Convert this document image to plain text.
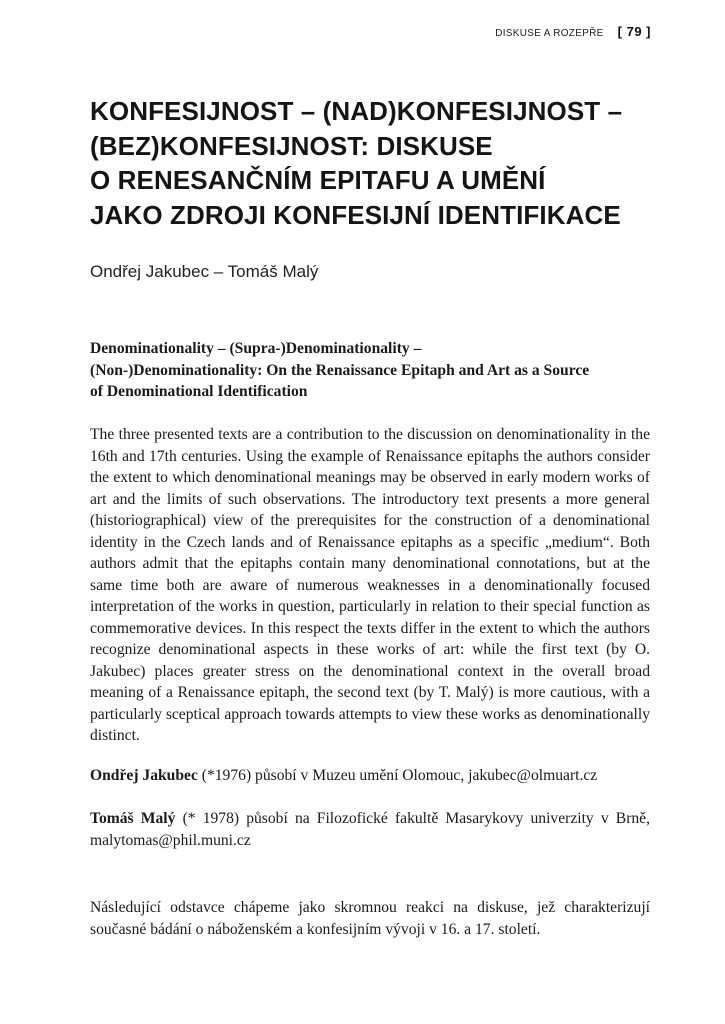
DISKUSE A ROZEPŘE [ 79 ]
KONFESIJNOST – (NAD)KONFESIJNOST –
(BEZ)KONFESIJNOST: DISKUSE
O RENESANČNÍM EPITAFU A UMĚNÍ
JAKO ZDROJI KONFESIJNÍ IDENTIFIKACE
Ondřej Jakubec – Tomáš Malý
Denominationality – (Supra-)Denominationality –
(Non-)Denominationality: On the Renaissance Epitaph and Art as a Source
of Denominational Identification

The three presented texts are a contribution to the discussion on denominationality in the 16th and 17th centuries. Using the example of Renaissance epitaphs the authors consider the extent to which denominational meanings may be observed in early modern works of art and the limits of such observations. The introductory text presents a more general (historiographical) view of the prerequisites for the construction of a denominational identity in the Czech lands and of Renaissance epitaphs as a specific „medium“. Both authors admit that the epitaphs contain many denominational connotations, but at the same time both are aware of numerous weaknesses in a denominationally focused interpretation of the works in question, particularly in relation to their special function as commemorative devices. In this respect the texts differ in the extent to which the authors recognize denominational aspects in these works of art: while the first text (by O. Jakubec) places greater stress on the denominational context in the overall broad meaning of a Renaissance epitaph, the second text (by T. Malý) is more cautious, with a particularly sceptical approach towards attempts to view these works as denominationally distinct.

Ondřej Jakubec (*1976) působí v Muzeu umění Olomouc, jakubec@olmuart.cz

Tomáš Malý (* 1978) působí na Filozofické fakultě Masarykovy univerzity v Brně, malytomas@phil.muni.cz

Následující odstavce chápeme jako skromnou reakci na diskuse, jež charakterizují současné bádání o náboženském a konfesijním vývoji v 16. a 17. století.
